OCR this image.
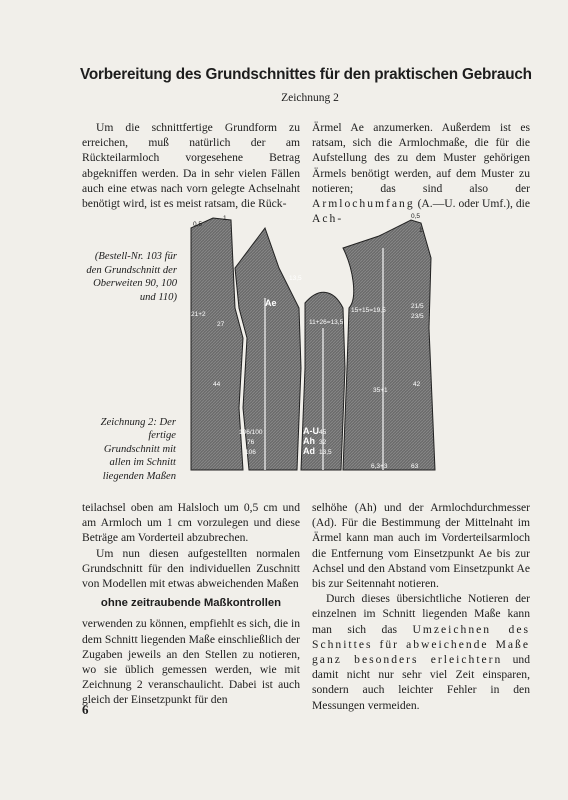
Vorbereitung des Grundschnittes für den praktischen Gebrauch
Zeichnung 2

Um die schnittfertige Grundform zu erreichen, muß natürlich der am Rückteilarmloch vorgesehene Betrag abgekniffen werden. Da in sehr vielen Fällen auch eine etwas nach vorn gelegte Achselnaht benötigt wird, ist es meist ratsam, die Rück-

Ärmel Ae anzumerken. Außerdem ist es ratsam, sich die Armlochmaße, die für die Aufstellung des zu dem Muster gehörigen Ärmels benötigt werden, auf dem Muster zu notieren; das sind also der Armlochumfang (A.—U. oder Umf.), die Ach-

(Bestell-Nr. 103 für den Grundschnitt der Oberweiten 90, 100 und 110)
Zeichnung 2: Der fertige Grundschnitt mit allen im Schnitt liegenden Maßen
0,5
1	0,5
1
13,5
Ae
21+2
27	11+26=13,5
15+15=19,5
21/5
23/5
44	42
35+1
106/100
76
106
A-U
Ah
Ad
45
32
13,5
6,3+3	63

teilachsel oben am Halsloch um 0,5 cm und am Armloch um 1 cm vorzulegen und diese Beträge am Vorderteil abzubrechen.

Um nun diesen aufgestellten normalen Grundschnitt für den individuellen Zuschnitt von Modellen mit etwas abweichenden Maßen

ohne zeitraubende Maßkontrollen

verwenden zu können, empfiehlt es sich, die in dem Schnitt liegenden Maße einschließlich der Zugaben jeweils an den Stellen zu notieren, wo sie üblich gemessen werden, wie mit Zeichnung 2 veranschaulicht. Dabei ist auch gleich der Einsetzpunkt für den

selhöhe (Ah) und der Armlochdurchmesser (Ad). Für die Bestimmung der Mittelnaht im Ärmel kann man auch im Vorderteilsarmloch die Entfernung vom Einsetzpunkt Ae bis zur Achsel und den Abstand vom Einsetzpunkt Ae bis zur Seitennaht notieren.

Durch dieses übersichtliche Notieren der einzelnen im Schnitt liegenden Maße kann man sich das Umzeichnen des Schnittes für abweichende Maße ganz besonders erleichtern und damit nicht nur sehr viel Zeit einsparen, sondern auch leichter Fehler in den Messungen vermeiden.

6
